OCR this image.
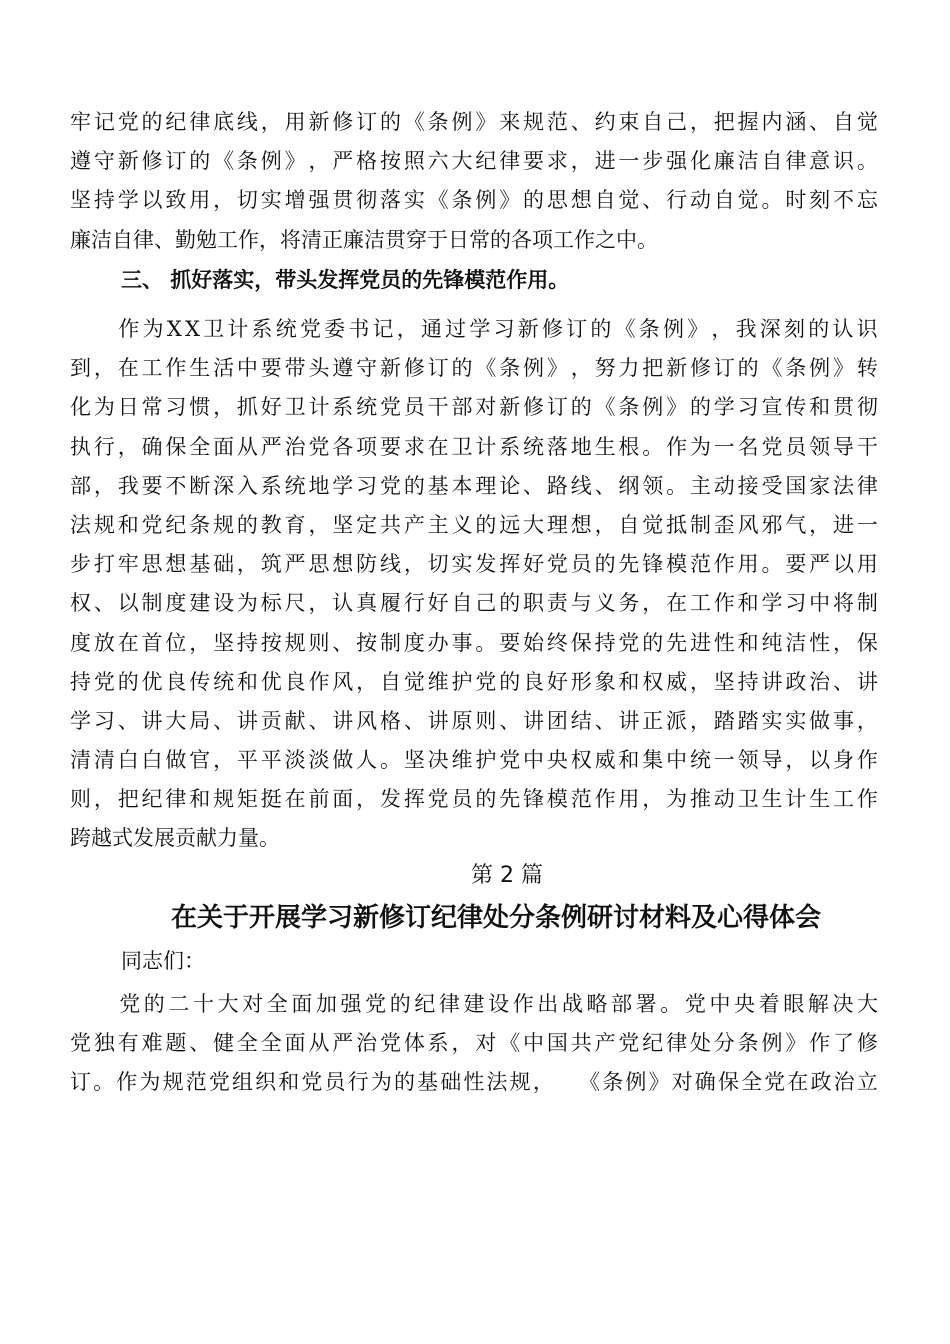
牢 记 党 的 纪 律 底 线 ， 用 新 修 订 的 《 条 例 》 来 规 范 、 约 束 自 己 ， 把 握 内 涵 、 自 觉
遵 守 新 修 订 的 《 条 例 》 ， 严 格 按 照 六 大 纪 律 要 求 ， 进 一 步 强 化 廉 洁 自 律 意 识 。
坚 持 学 以 致 用 ， 切 实 增 强 贯 彻 落 实 《 条 例 》 的 思 想 自 觉 、 行 动 自 觉 。 时 刻 不 忘
廉洁自律、勤勉工作，将清正廉洁贯穿于日常的各项工作之中。
三、 抓好落实，带头发挥党员的先锋模范作用。

作 为 X X 卫 计 系 统 党 委 书 记 ， 通 过 学 习 新 修 订 的 《 条 例 》 ， 我 深 刻 的 认 识
到 ， 在 工 作 生 活 中 要 带 头 遵 守 新 修 订 的 《 条 例 》 ， 努 力 把 新 修 订 的 《 条 例 》 转
化 为 日 常 习 惯 ， 抓 好 卫 计 系 统 党 员 干 部 对 新 修 订 的 《 条 例 》 的 学 习 宣 传 和 贯 彻
执 行 ， 确 保 全 面 从 严 治 党 各 项 要 求 在 卫 计 系 统 落 地 生 根 。 作 为 一 名 党 员 领 导 干
部 ， 我 要 不 断 深 入 系 统 地 学 习 党 的 基 本 理 论 、 路 线 、 纲 领 。 主 动 接 受 国 家 法 律
法 规 和 党 纪 条 规 的 教 育 ， 坚 定 共 产 主 义 的 远 大 理 想 ， 自 觉 抵 制 歪 风 邪 气 ， 进 一
步 打 牢 思 想 基 础 ， 筑 严 思 想 防 线 ， 切 实 发 挥 好 党 员 的 先 锋 模 范 作 用 。 要 严 以 用
权 、 以 制 度 建 设 为 标 尺 ， 认 真 履 行 好 自 己 的 职 责 与 义 务 ， 在 工 作 和 学 习 中 将 制
度 放 在 首 位 ， 坚 持 按 规 则 、 按 制 度 办 事 。 要 始 终 保 持 党 的 先 进 性 和 纯 洁 性 ， 保
持 党 的 优 良 传 统 和 优 良 作 风 ， 自 觉 维 护 党 的 良 好 形 象 和 权 威 ， 坚 持 讲 政 治 、 讲
学 习 、 讲 大 局 、 讲 贡 献 、 讲 风 格 、 讲 原 则 、 讲 团 结 、 讲 正 派 ， 踏 踏 实 实 做 事 ，
清 清 白 白 做 官 ， 平 平 淡 淡 做 人 。 坚 决 维 护 党 中 央 权 威 和 集 中 统 一 领 导 ， 以 身 作
则 ， 把 纪 律 和 规 矩 挺 在 前 面 ， 发 挥 党 员 的 先 锋 模 范 作 用 ， 为 推 动 卫 生 计 生 工 作
跨越式发展贡献力量。
第 2 篇
在关于开展学习新修订纪律处分条例研讨材料及心得体会
同志们：

党 的 二 十 大 对 全 面 加 强 党 的 纪 律 建 设 作 出 战 略 部 署 。 党 中 央 着 眼 解 决 大
党 独 有 难 题 、 健 全 全 面 从 严 治 党 体 系 ， 对 《 中 国 共 产 党 纪 律 处 分 条 例 》 作 了 修
订 。 作 为 规 范 党 组 织 和 党 员 行 为 的 基 础 性 法 规 ，
　 《 条 例 》 对 确 保 全 党 在 政 治 立
